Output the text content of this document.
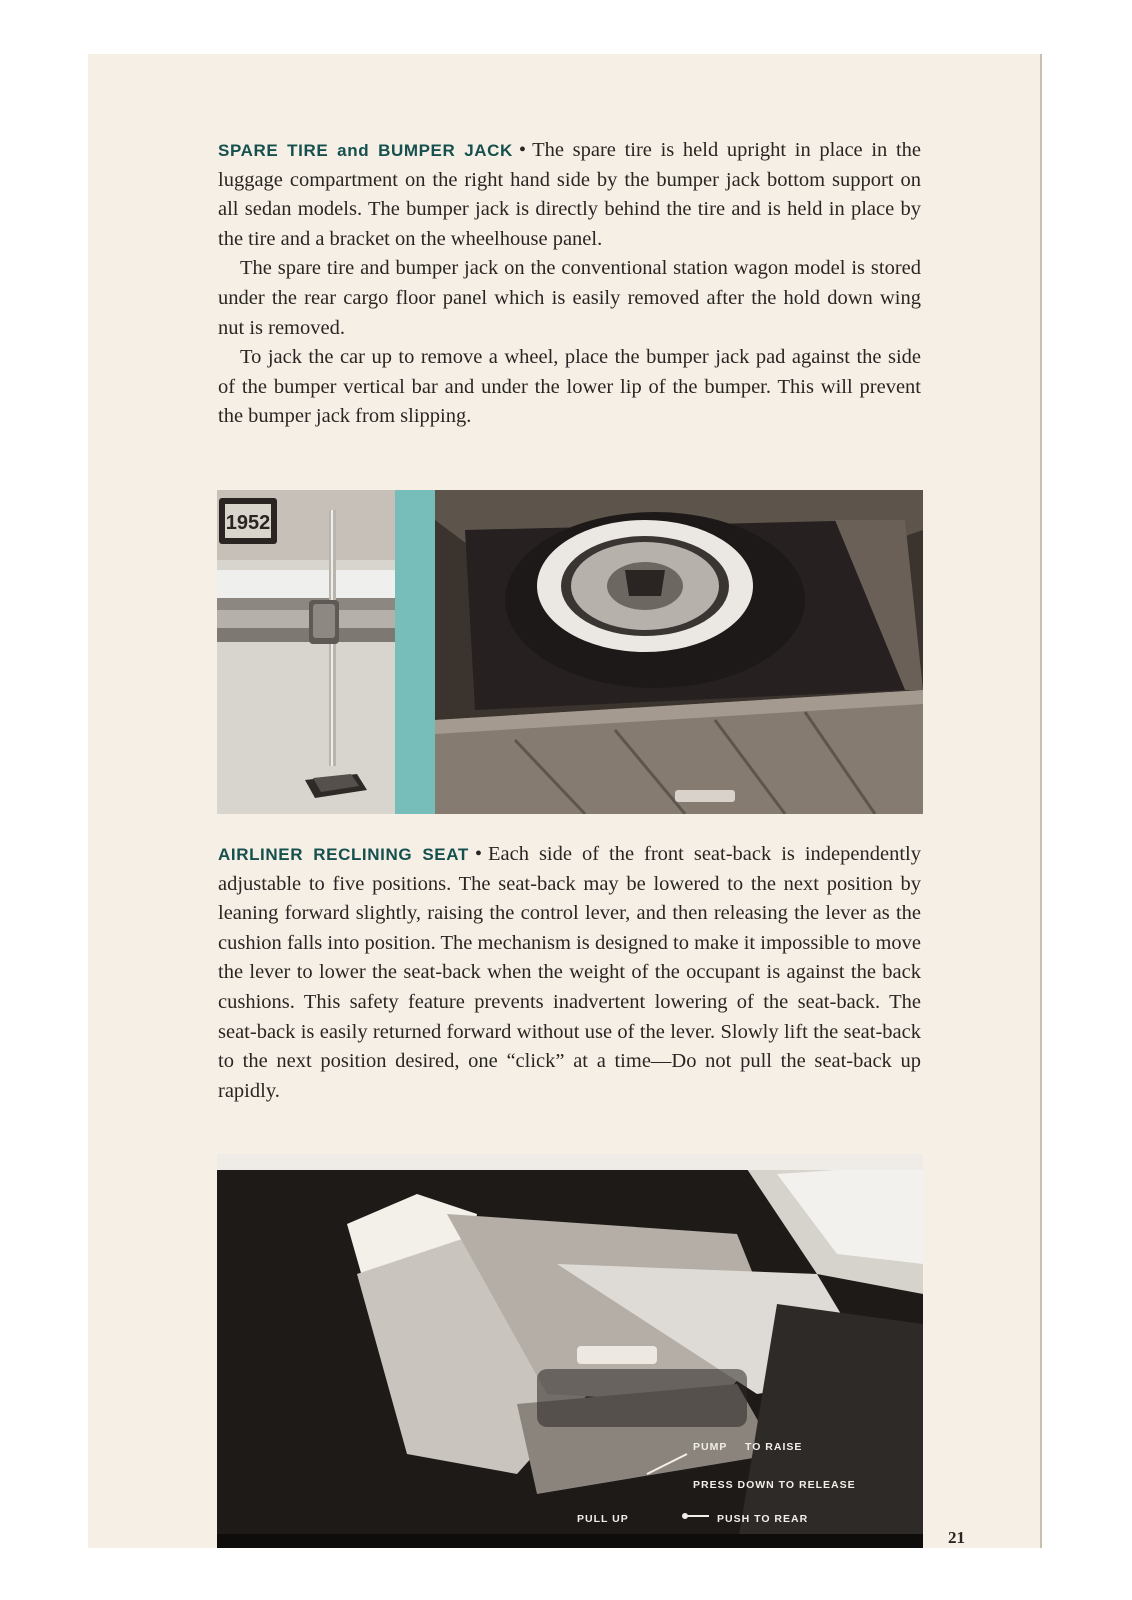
SPARE TIRE and BUMPER JACK • The spare tire is held upright in place in the luggage compartment on the right hand side by the bumper jack bottom support on all sedan models. The bumper jack is directly behind the tire and is held in place by the tire and a bracket on the wheelhouse panel.

The spare tire and bumper jack on the conventional station wagon model is stored under the rear cargo floor panel which is easily removed after the hold down wing nut is removed.

To jack the car up to remove a wheel, place the bumper jack pad against the side of the bumper vertical bar and under the lower lip of the bumper. This will prevent the bumper jack from slipping.

1952

AIRLINER RECLINING SEAT • Each side of the front seat-back is independently adjustable to five positions. The seat-back may be lowered to the next position by leaning forward slightly, raising the control lever, and then releasing the lever as the cushion falls into position. The mechanism is designed to make it impossible to move the lever to lower the seat-back when the weight of the occupant is against the back cushions. This safety feature prevents inadvertent lowering of the seat-back. The seat-back is easily returned forward without use of the lever. Slowly lift the seat-back to the next position desired, one “click” at a time—Do not pull the seat-back up rapidly.

PUMP TO RAISE
PRESS DOWN TO RELEASE
PULL UP	PUSH TO REAR
21
